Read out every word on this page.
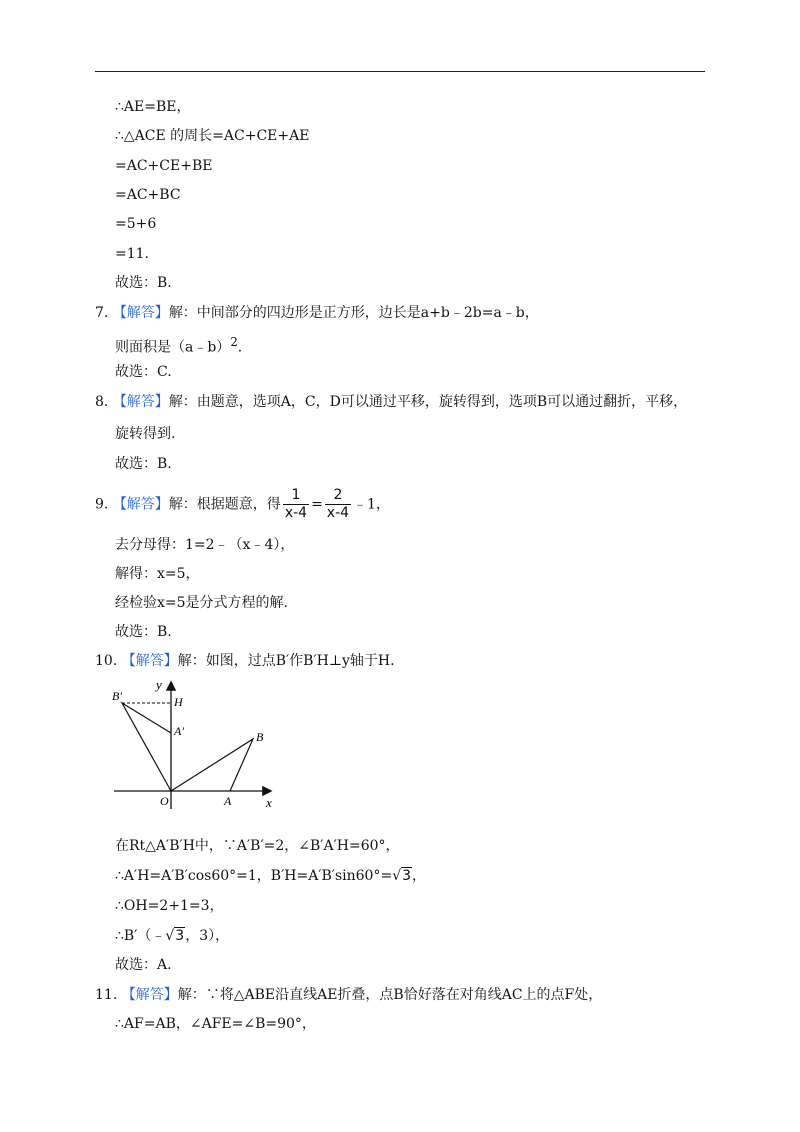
∴AE=BE，
∴△ACE 的周长=AC+CE+AE
=AC+CE+BE
=AC+BC
=5+6
=11.
故选：B.
7. 【解答】解：中间部分的四边形是正方形，边长是a+b﹣2b=a﹣b，
则面积是（a﹣b）$^2$.
故选：C.
8. 【解答】解：由题意，选项A，C，D可以通过平移，旋转得到，选项B可以通过翻折，平移，
旋转得到.
故选：B.
9. 【解答】解：根据题意，得 $\frac{1}{x-4} = \frac{2}{x-4}$ ﹣1，
去分母得：1=2﹣（x﹣4），
解得：x=5，
经检验x=5是分式方程的解.
故选：B.
10. 【解答】解：如图，过点B′作B′H⊥y轴于H.
y
B'	H
A'	B
O	A	x
在Rt△A′B′H中，∵A′B′=2，∠B′A′H=60°，
∴A′H=A′B′cos60°=1，B′H=A′B′sin60°=√3，
∴OH=2+1=3，
∴B′（﹣√3，3），
故选：A.
11. 【解答】解：∵将△ABE沿直线AE折叠，点B恰好落在对角线AC上的点F处，
∴AF=AB，∠AFE=∠B=90°，
